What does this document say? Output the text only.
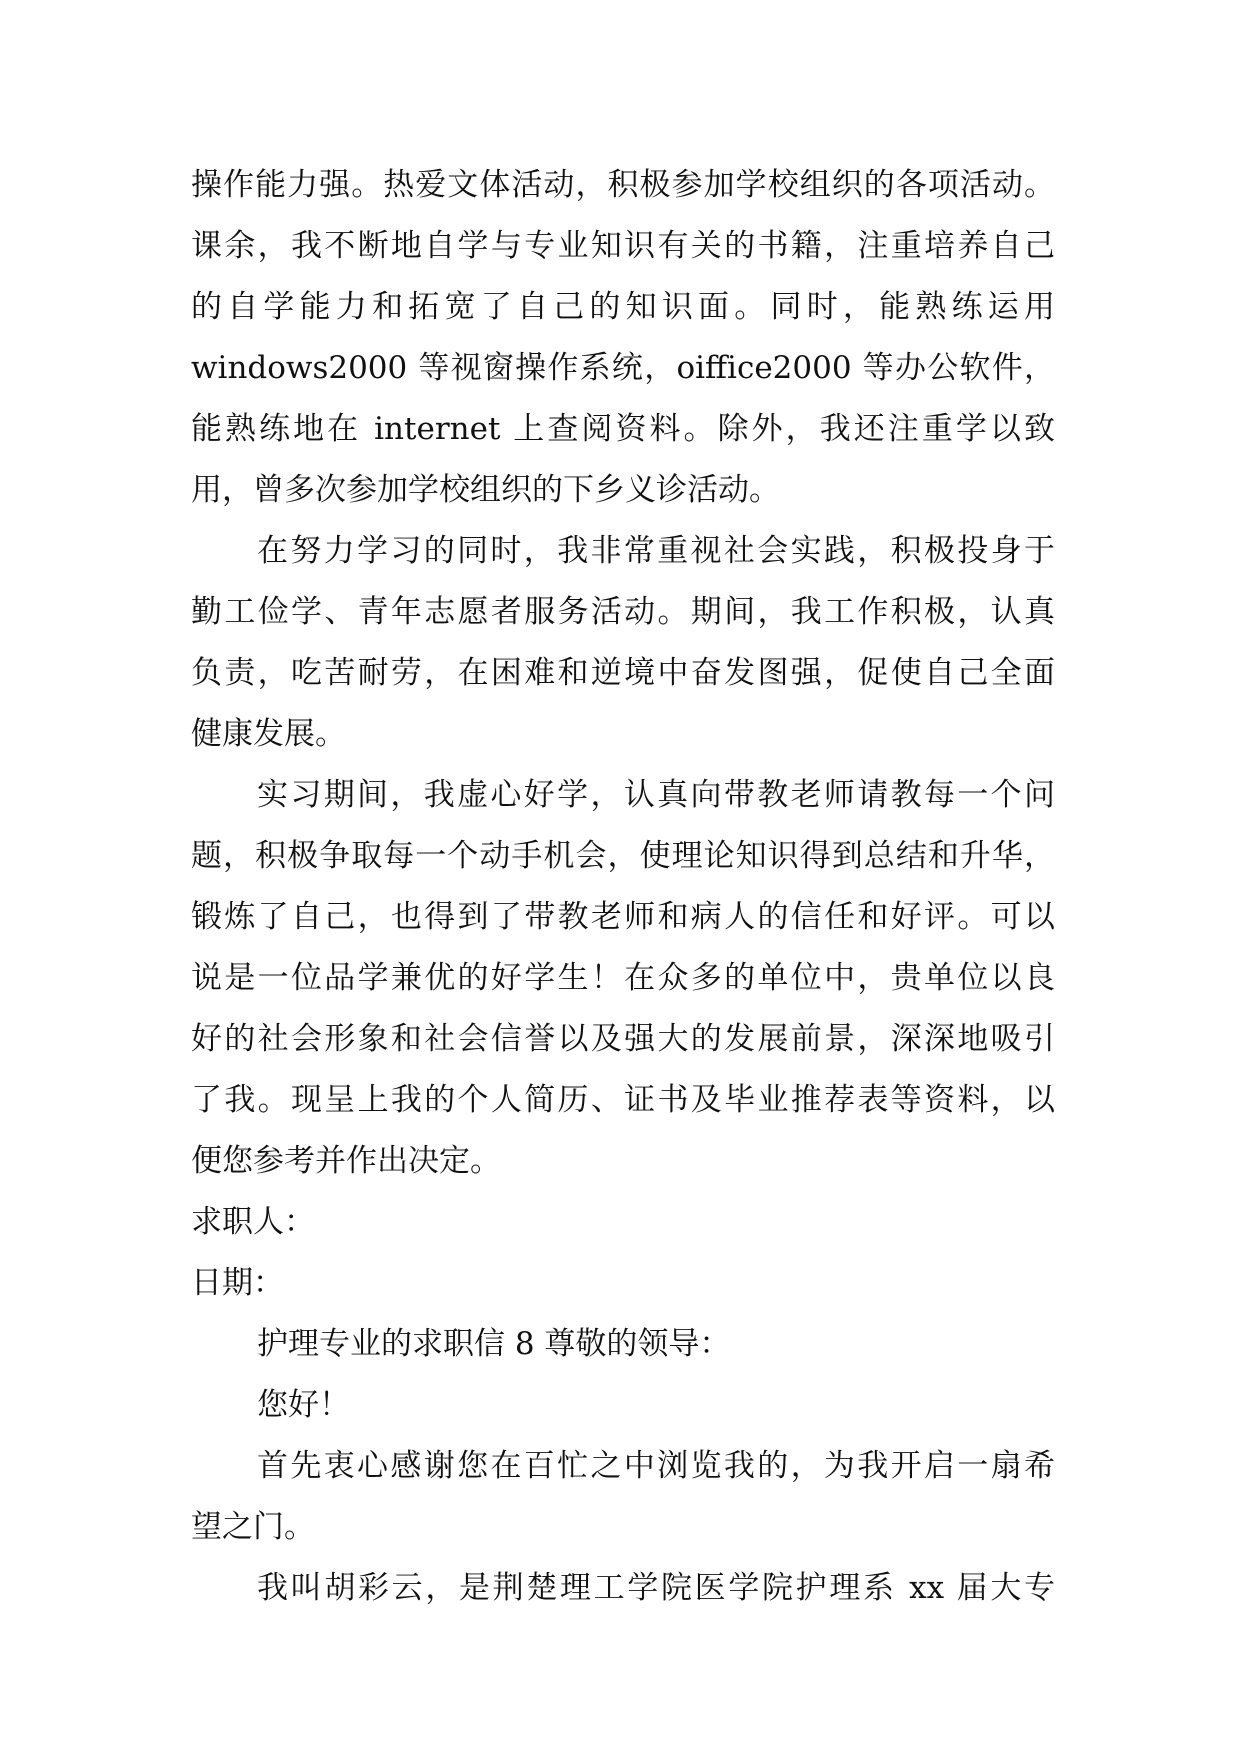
操作能力强。热爱文体活动，积极参加学校组织的各项活动。
课余，我不断地自学与专业知识有关的书籍，注重培养自己
的自学能力和拓宽了自己的知识面。同时，能熟练运用
windows2000 等视窗操作系统，oiffice2000 等办公软件，
能熟练地在 internet 上查阅资料。除外，我还注重学以致
用，曾多次参加学校组织的下乡义诊活动。
在努力学习的同时，我非常重视社会实践，积极投身于
勤工俭学、青年志愿者服务活动。期间，我工作积极，认真
负责，吃苦耐劳，在困难和逆境中奋发图强，促使自己全面
健康发展。
实习期间，我虚心好学，认真向带教老师请教每一个问
题，积极争取每一个动手机会，使理论知识得到总结和升华，
锻炼了自己，也得到了带教老师和病人的信任和好评。可以
说是一位品学兼优的好学生！在众多的单位中，贵单位以良
好的社会形象和社会信誉以及强大的发展前景，深深地吸引
了我。现呈上我的个人简历、证书及毕业推荐表等资料，以
便您参考并作出决定。
求职人：
日期：
护理专业的求职信 8 尊敬的领导：
您好！
首先衷心感谢您在百忙之中浏览我的，为我开启一扇希
望之门。
我叫胡彩云，是荆楚理工学院医学院护理系 xx 届大专
